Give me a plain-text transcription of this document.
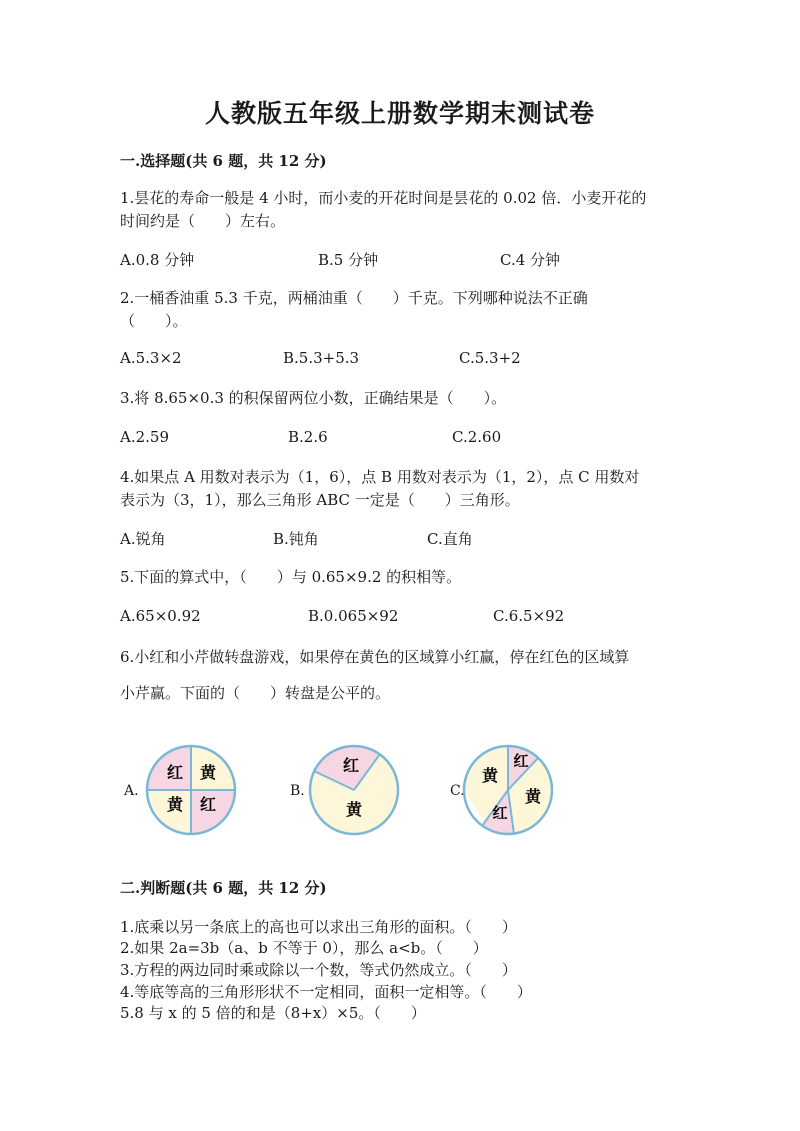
人教版五年级上册数学期末测试卷
一.选择题(共 6 题，共 12 分)
1.昙花的寿命一般是 4 小时，而小麦的开花时间是昙花的 0.02 倍．小麦开花的
时间约是（　　）左右。
A.0.8 分钟	B.5 分钟	C.4 分钟
2.一桶香油重 5.3 千克，两桶油重（　　）千克。下列哪种说法不正确
（　　）。
A.5.3×2	B.5.3+5.3	C.5.3+2
3.将 8.65×0.3 的积保留两位小数，正确结果是（　　）。
A.2.59	B.2.6	C.2.60
4.如果点 A 用数对表示为（1，6），点 B 用数对表示为（1，2），点 C 用数对
表示为（3，1），那么三角形 ABC 一定是（　　）三角形。
A.锐角	B.钝角	C.直角
5.下面的算式中，（　　）与 0.65×9.2 的积相等。
A.65×0.92	B.0.065×92	C.6.5×92
6.小红和小芹做转盘游戏，如果停在黄色的区域算小红赢，停在红色的区域算
小芹赢。下面的（　　）转盘是公平的。
A.	B.	C.
红 黄
黄 红
红
黄
黄
红
黄
红
二.判断题(共 6 题，共 12 分)
1.底乘以另一条底上的高也可以求出三角形的面积。（　　）
2.如果 2a=3b（a、b 不等于 0），那么 a<b。（　　）
3.方程的两边同时乘或除以一个数，等式仍然成立。（　　）
4.等底等高的三角形形状不一定相同，面积一定相等。（　　）
5.8 与 x 的 5 倍的和是（8+x）×5。（　　）
